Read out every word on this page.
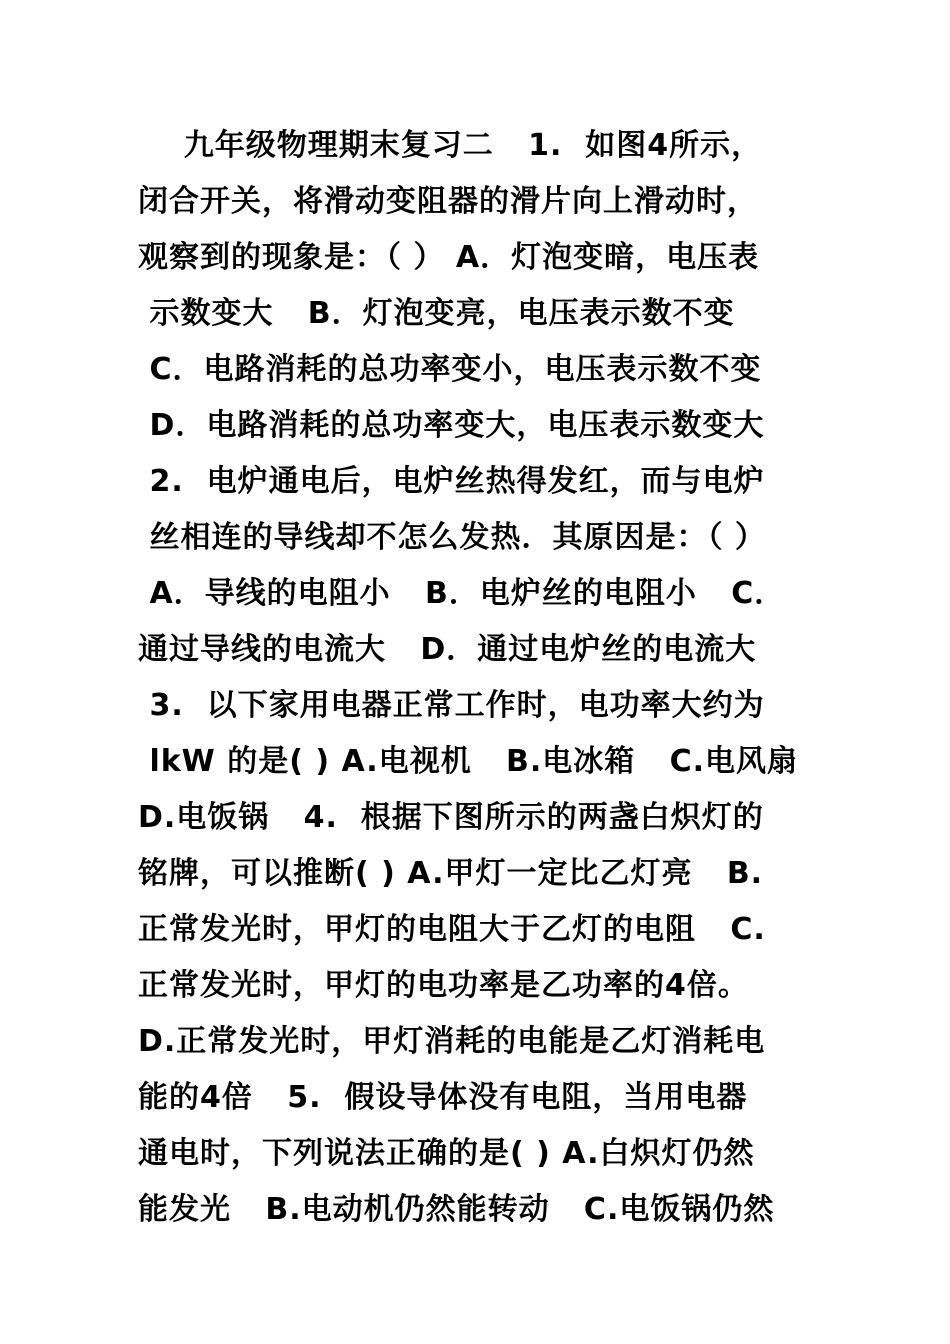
九年级物理期末复习二   1.  如图4所示，
闭合开关，将滑动变阻器的滑片向上滑动时，
观察到的现象是：（ ） A．灯泡变暗，电压表
示数变大   B．灯泡变亮，电压表示数不变
C．电路消耗的总功率变小，电压表示数不变
D．电路消耗的总功率变大，电压表示数变大
2.  电炉通电后，电炉丝热得发红，而与电炉
丝相连的导线却不怎么发热．其原因是：（ ）
A．导线的电阻小   B．电炉丝的电阻小   C．
通过导线的电流大   D．通过电炉丝的电流大
3.  以下家用电器正常工作时，电功率大约为
lkW 的是( ) A.电视机   B.电冰箱   C.电风扇
D.电饭锅   4.  根据下图所示的两盏白炽灯的
铭牌，可以推断( ) A.甲灯一定比乙灯亮   B.
正常发光时，甲灯的电阻大于乙灯的电阻   C.
正常发光时，甲灯的电功率是乙功率的4倍。
D.正常发光时，甲灯消耗的电能是乙灯消耗电
能的4倍   5.  假设导体没有电阻，当用电器
通电时，下列说法正确的是( ) A.白炽灯仍然
能发光   B.电动机仍然能转动   C.电饭锅仍然
